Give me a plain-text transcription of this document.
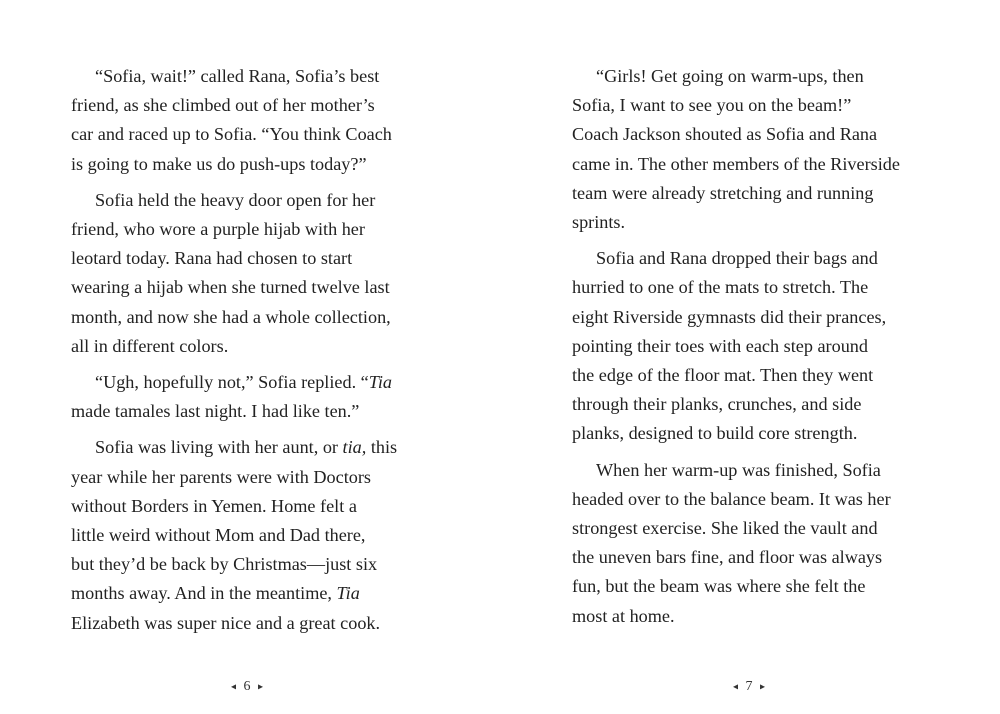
“Sofia, wait!” called Rana, Sofia’s best
friend, as she climbed out of her mother’s
car and raced up to Sofia. “You think Coach
is going to make us do push-ups today?”

Sofia held the heavy door open for her
friend, who wore a purple hijab with her
leotard today. Rana had chosen to start
wearing a hijab when she turned twelve last
month, and now she had a whole collection,
all in different colors.

“Ugh, hopefully not,” Sofia replied. “Tia
made tamales last night. I had like ten.”

Sofia was living with her aunt, or tia, this
year while her parents were with Doctors
without Borders in Yemen. Home felt a
little weird without Mom and Dad there,
but they’d be back by Christmas—just six
months away. And in the meantime, Tia
Elizabeth was super nice and a great cook.

“Girls! Get going on warm-ups, then
Sofia, I want to see you on the beam!”
Coach Jackson shouted as Sofia and Rana
came in. The other members of the Riverside
team were already stretching and running
sprints.

Sofia and Rana dropped their bags and
hurried to one of the mats to stretch. The
eight Riverside gymnasts did their prances,
pointing their toes with each step around
the edge of the floor mat. Then they went
through their planks, crunches, and side
planks, designed to build core strength.

When her warm-up was finished, Sofia
headed over to the balance beam. It was her
strongest exercise. She liked the vault and
the uneven bars fine, and floor was always
fun, but the beam was where she felt the
most at home.

◂ 6 ▸	◂ 7 ▸
